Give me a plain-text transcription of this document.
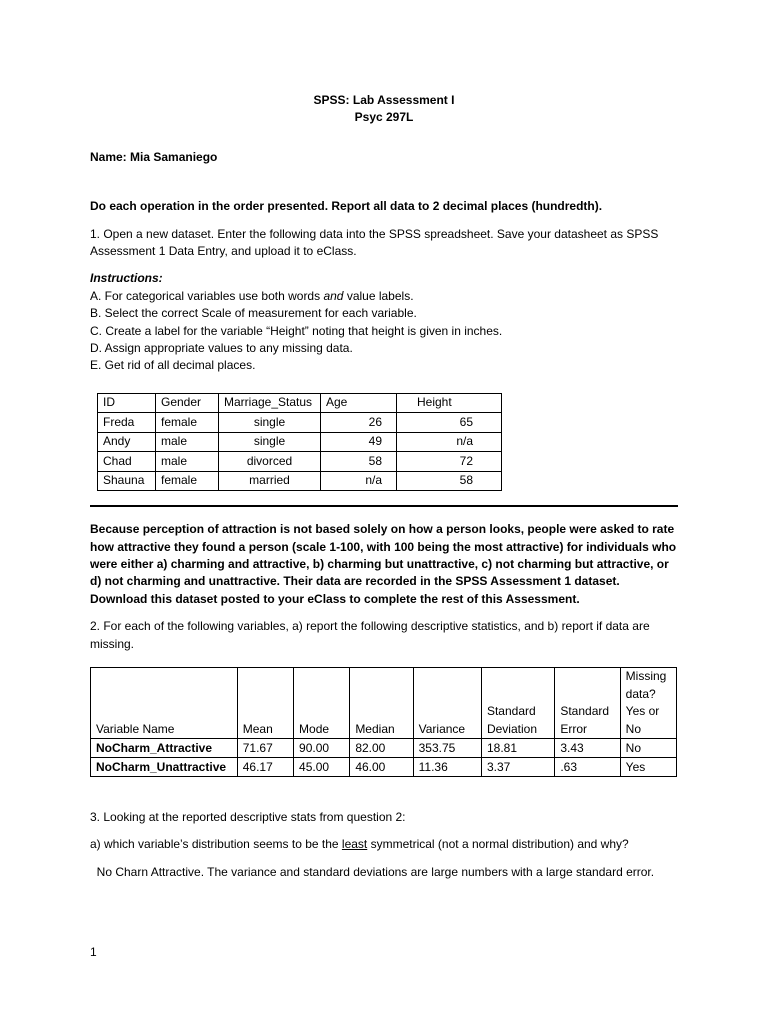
SPSS: Lab Assessment I

Psyc 297L

Name: Mia Samaniego

Do each operation in the order presented. Report all data to 2 decimal places (hundredth).

1. Open a new dataset. Enter the following data into the SPSS spreadsheet. Save your datasheet as SPSS Assessment 1 Data Entry, and upload it to eClass.

Instructions:

A. For categorical variables use both words and value labels.

B. Select the correct Scale of measurement for each variable.

C. Create a label for the variable “Height” noting that height is given in inches.

D. Assign appropriate values to any missing data.

E. Get rid of all decimal places.

ID	Gender	Marriage_Status	Age	Height
Freda	female	single	26	65
Andy	male	single	49	n/a
Chad	male	divorced	58	72
Shauna	female	married	n/a	58

Because perception of attraction is not based solely on how a person looks, people were asked to rate how attractive they found a person (scale 1-100, with 100 being the most attractive) for individuals who were either a) charming and attractive, b) charming but unattractive, c) not charming but attractive, or d) not charming and unattractive. Their data are recorded in the SPSS Assessment 1 dataset. Download this dataset posted to your eClass to complete the rest of this Assessment.

2. For each of the following variables, a) report the following descriptive statistics, and b) report if data are missing.

Variable Name	Mean	Mode	Median	Variance	Standard Deviation	Standard Error	Missing data? Yes or No
NoCharm_Attractive	71.67	90.00	82.00	353.75	18.81	3.43	No
NoCharm_Unattractive	46.17	45.00	46.00	11.36	3.37	.63	Yes

3. Looking at the reported descriptive stats from question 2:

a) which variable’s distribution seems to be the least symmetrical (not a normal distribution) and why?

No Charn Attractive. The variance and standard deviations are large numbers with a large standard error.

1
